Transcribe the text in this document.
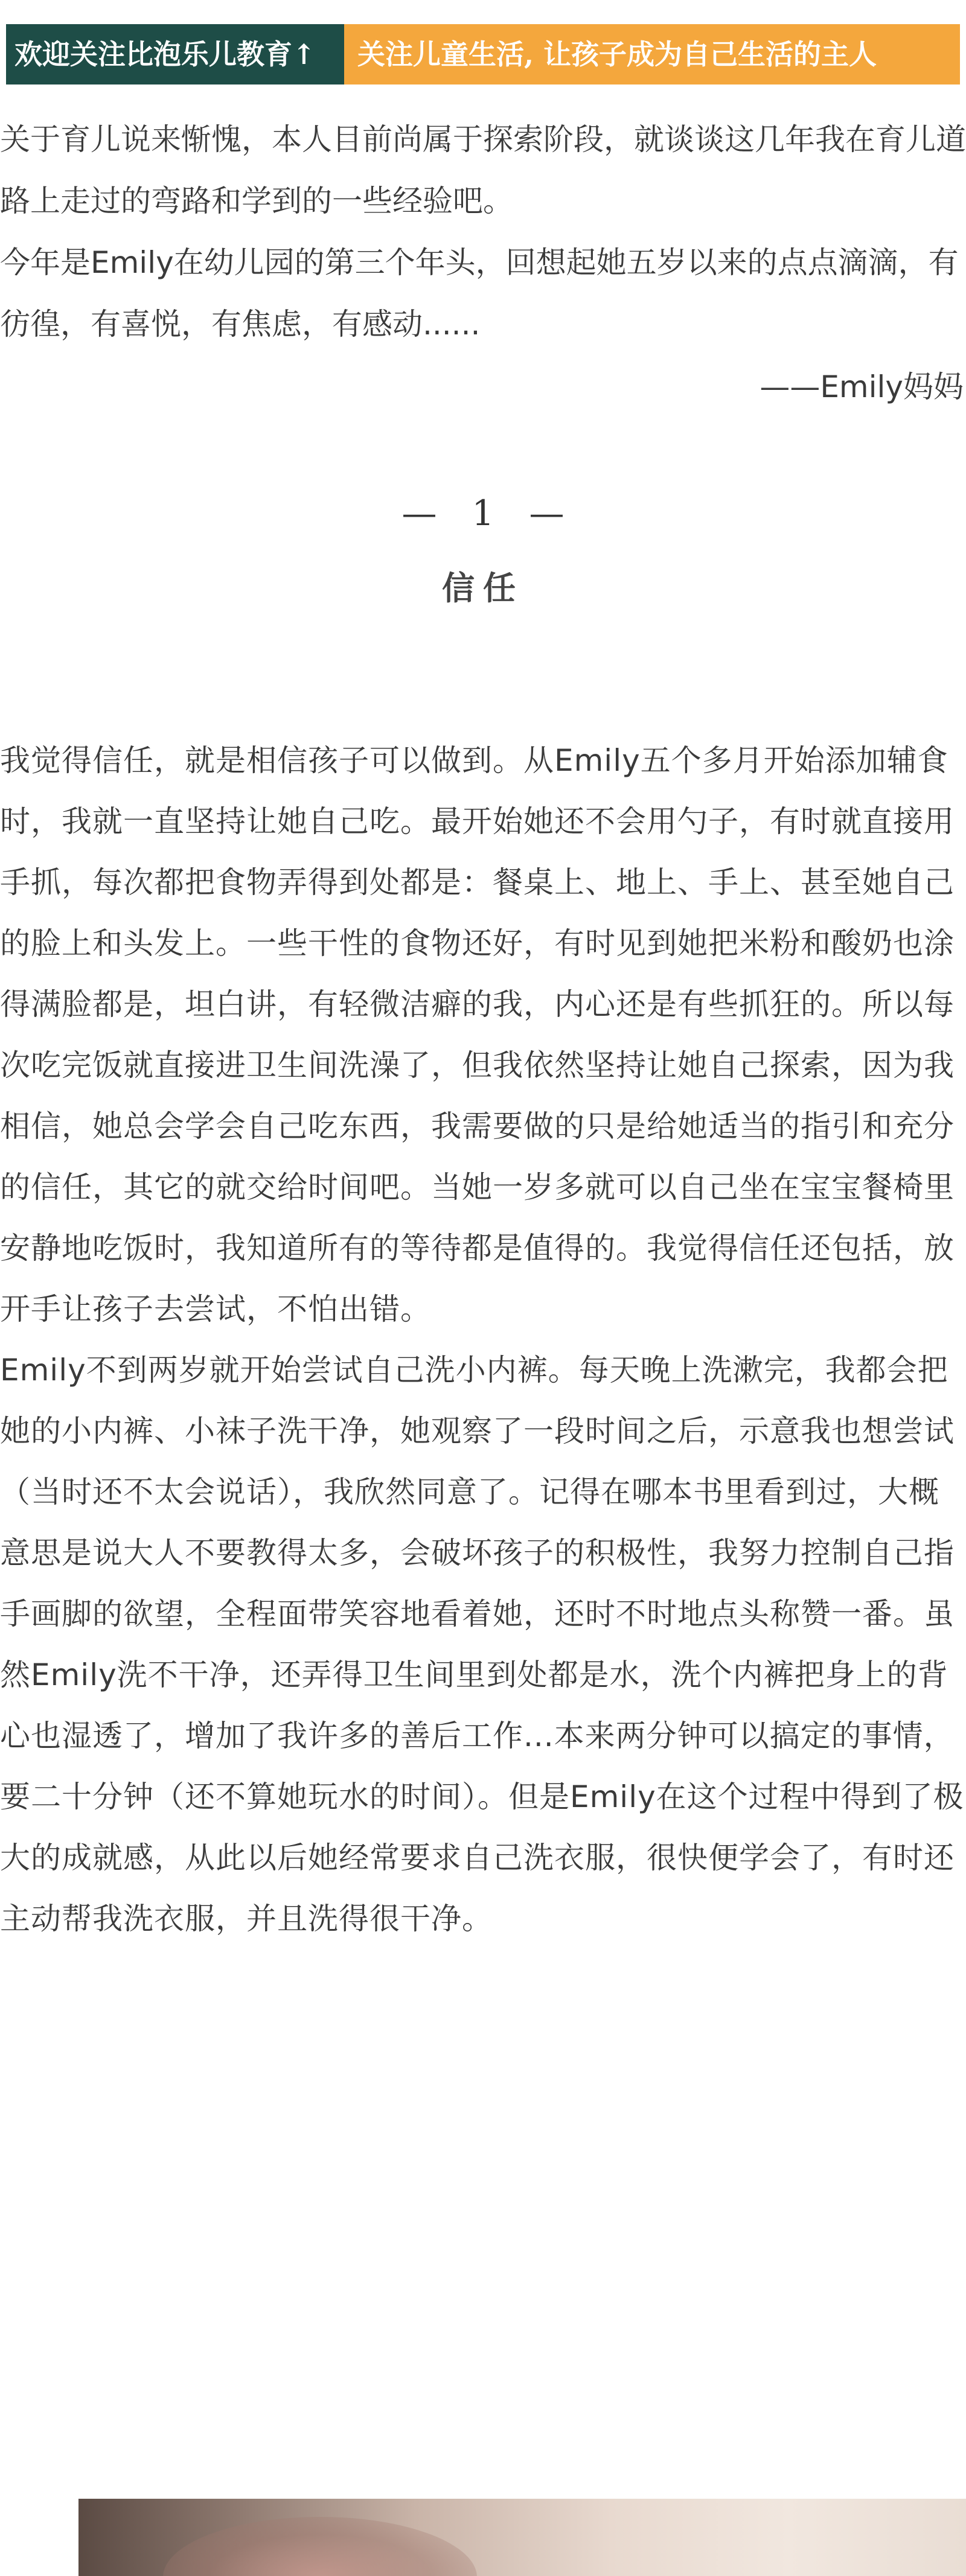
欢迎关注比泡乐儿教育↑	关注儿童生活, 让孩子成为自己生活的主人

关于育儿说来惭愧，本人目前尚属于探索阶段，就谈谈这几年我在育儿道路上走过的弯路和学到的一些经验吧。

今年是Emily在幼儿园的第三个年头，回想起她五岁以来的点点滴滴，有彷徨，有喜悦，有焦虑，有感动......

——Emily妈妈
—　1　—
信任

我觉得信任，就是相信孩子可以做到。从Emily五个多月开始添加辅食时，我就一直坚持让她自己吃。最开始她还不会用勺子，有时就直接用手抓，每次都把食物弄得到处都是：餐桌上、地上、手上、甚至她自己的脸上和头发上。一些干性的食物还好，有时见到她把米粉和酸奶也涂得满脸都是，坦白讲，有轻微洁癖的我，内心还是有些抓狂的。所以每次吃完饭就直接进卫生间洗澡了，但我依然坚持让她自己探索，因为我相信，她总会学会自己吃东西，我需要做的只是给她适当的指引和充分的信任，其它的就交给时间吧。当她一岁多就可以自己坐在宝宝餐椅里安静地吃饭时，我知道所有的等待都是值得的。我觉得信任还包括，放开手让孩子去尝试，不怕出错。

Emily不到两岁就开始尝试自己洗小内裤。每天晚上洗漱完，我都会把她的小内裤、小袜子洗干净，她观察了一段时间之后，示意我也想尝试（当时还不太会说话），我欣然同意了。记得在哪本书里看到过，大概意思是说大人不要教得太多，会破坏孩子的积极性，我努力控制自己指手画脚的欲望，全程面带笑容地看着她，还时不时地点头称赞一番。虽然Emily洗不干净，还弄得卫生间里到处都是水，洗个内裤把身上的背心也湿透了，增加了我许多的善后工作...本来两分钟可以搞定的事情，要二十分钟（还不算她玩水的时间）。但是Emily在这个过程中得到了极大的成就感，从此以后她经常要求自己洗衣服，很快便学会了，有时还主动帮我洗衣服，并且洗得很干净。
